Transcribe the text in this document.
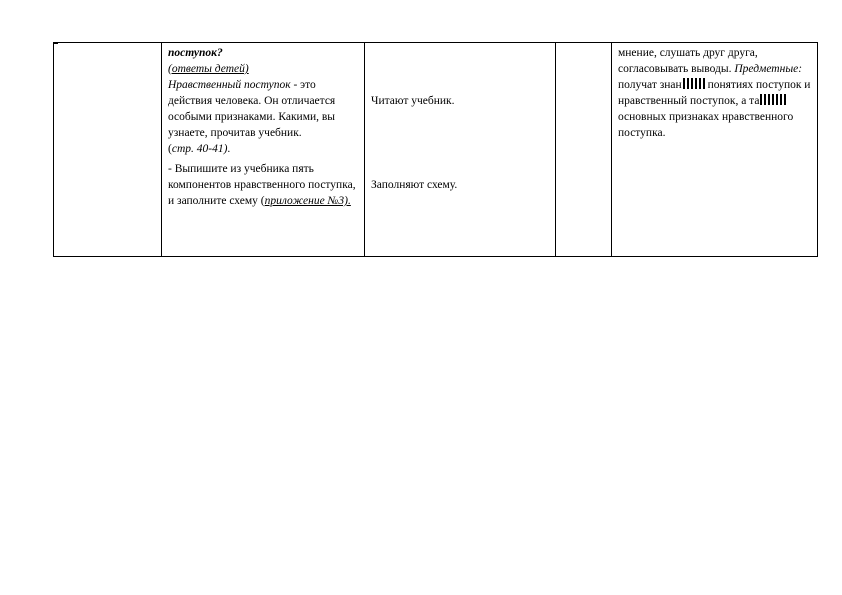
поступок?
(ответы детей)
Нравственный поступок - это действия человека. Он отличается особыми признаками. Какими, вы узнаете, прочитав учебник.
(стр. 40-41).
- Выпишите из учебника пять компонентов нравственного поступка, и заполните схему (приложение №3).
Читают учебник.
Заполняют схему.
мнение, слушать друг друга, согласовывать выводы. Предметные: получат знан понятиях поступок и нравственный поступок, а та основных признаках нравственного поступка.
